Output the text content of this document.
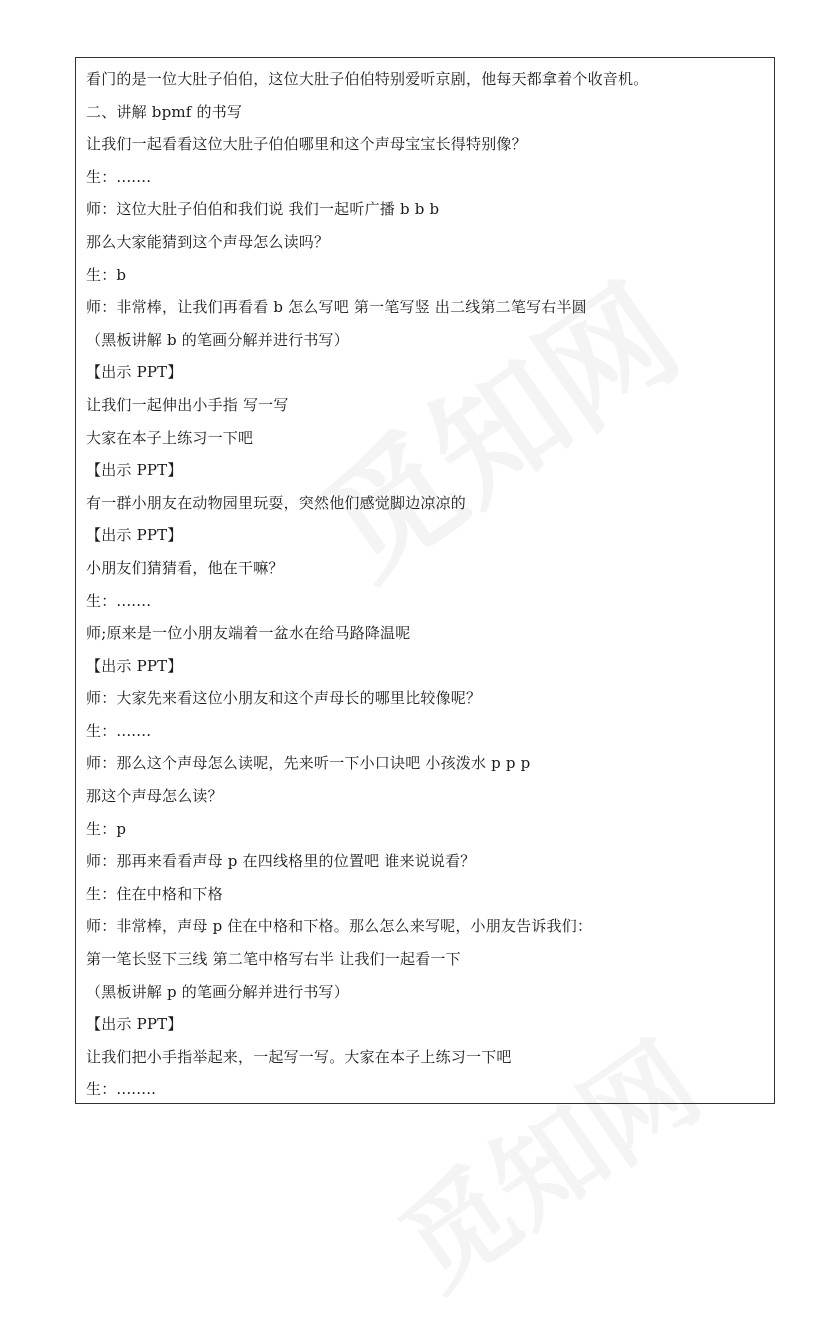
看门的是一位大肚子伯伯，这位大肚子伯伯特别爱听京剧，他每天都拿着个收音机。
二、讲解 bpmf 的书写
让我们一起看看这位大肚子伯伯哪里和这个声母宝宝长得特别像？
生：.......
师：这位大肚子伯伯和我们说 我们一起听广播 b b b
那么大家能猜到这个声母怎么读吗？
生：b
师：非常棒，让我们再看看 b 怎么写吧 第一笔写竖 出二线第二笔写右半圆
（黑板讲解 b 的笔画分解并进行书写）
【出示 PPT】
让我们一起伸出小手指 写一写
大家在本子上练习一下吧
【出示 PPT】
有一群小朋友在动物园里玩耍，突然他们感觉脚边凉凉的
【出示 PPT】
小朋友们猜猜看，他在干嘛？
生：.......
师;原来是一位小朋友端着一盆水在给马路降温呢
【出示 PPT】
师：大家先来看这位小朋友和这个声母长的哪里比较像呢？
生：.......
师：那么这个声母怎么读呢，先来听一下小口诀吧 小孩泼水 p p p
那这个声母怎么读？
生：p
师：那再来看看声母 p 在四线格里的位置吧 谁来说说看？
生：住在中格和下格
师：非常棒，声母 p 住在中格和下格。那么怎么来写呢，小朋友告诉我们：
第一笔长竖下三线 第二笔中格写右半 让我们一起看一下
（黑板讲解 p 的笔画分解并进行书写）
【出示 PPT】
让我们把小手指举起来，一起写一写。大家在本子上练习一下吧
生：........
